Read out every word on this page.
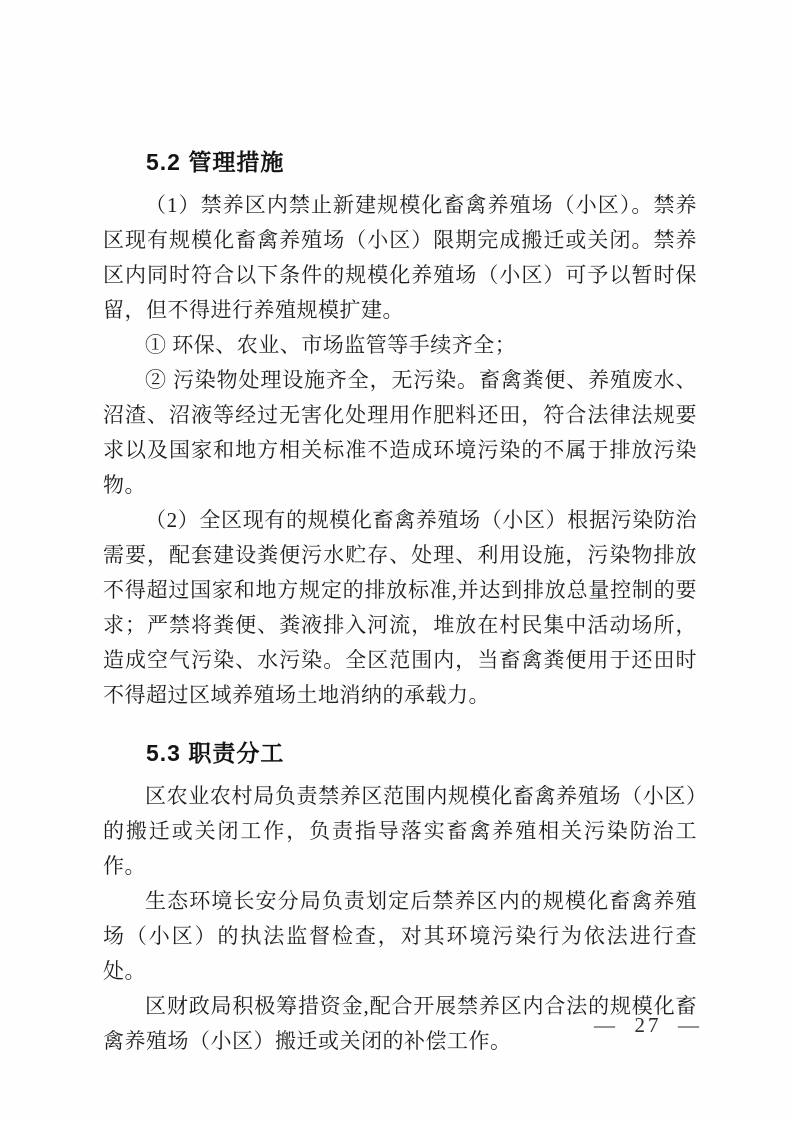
5.2 管理措施

（1）禁养区内禁止新建规模化畜禽养殖场（小区）。禁养区现有规模化畜禽养殖场（小区）限期完成搬迁或关闭。禁养区内同时符合以下条件的规模化养殖场（小区）可予以暂时保留，但不得进行养殖规模扩建。

① 环保、农业、市场监管等手续齐全；

② 污染物处理设施齐全，无污染。畜禽粪便、养殖废水、沼渣、沼液等经过无害化处理用作肥料还田，符合法律法规要求以及国家和地方相关标准不造成环境污染的不属于排放污染物。

（2）全区现有的规模化畜禽养殖场（小区）根据污染防治需要，配套建设粪便污水贮存、处理、利用设施，污染物排放不得超过国家和地方规定的排放标准,并达到排放总量控制的要求；严禁将粪便、粪液排入河流，堆放在村民集中活动场所，造成空气污染、水污染。全区范围内，当畜禽粪便用于还田时不得超过区域养殖场土地消纳的承载力。

5.3 职责分工

区农业农村局负责禁养区范围内规模化畜禽养殖场（小区）的搬迁或关闭工作，负责指导落实畜禽养殖相关污染防治工作。

生态环境长安分局负责划定后禁养区内的规模化畜禽养殖场（小区）的执法监督检查，对其环境污染行为依法进行查处。

区财政局积极筹措资金,配合开展禁养区内合法的规模化畜禽养殖场（小区）搬迁或关闭的补偿工作。

—  27  —
